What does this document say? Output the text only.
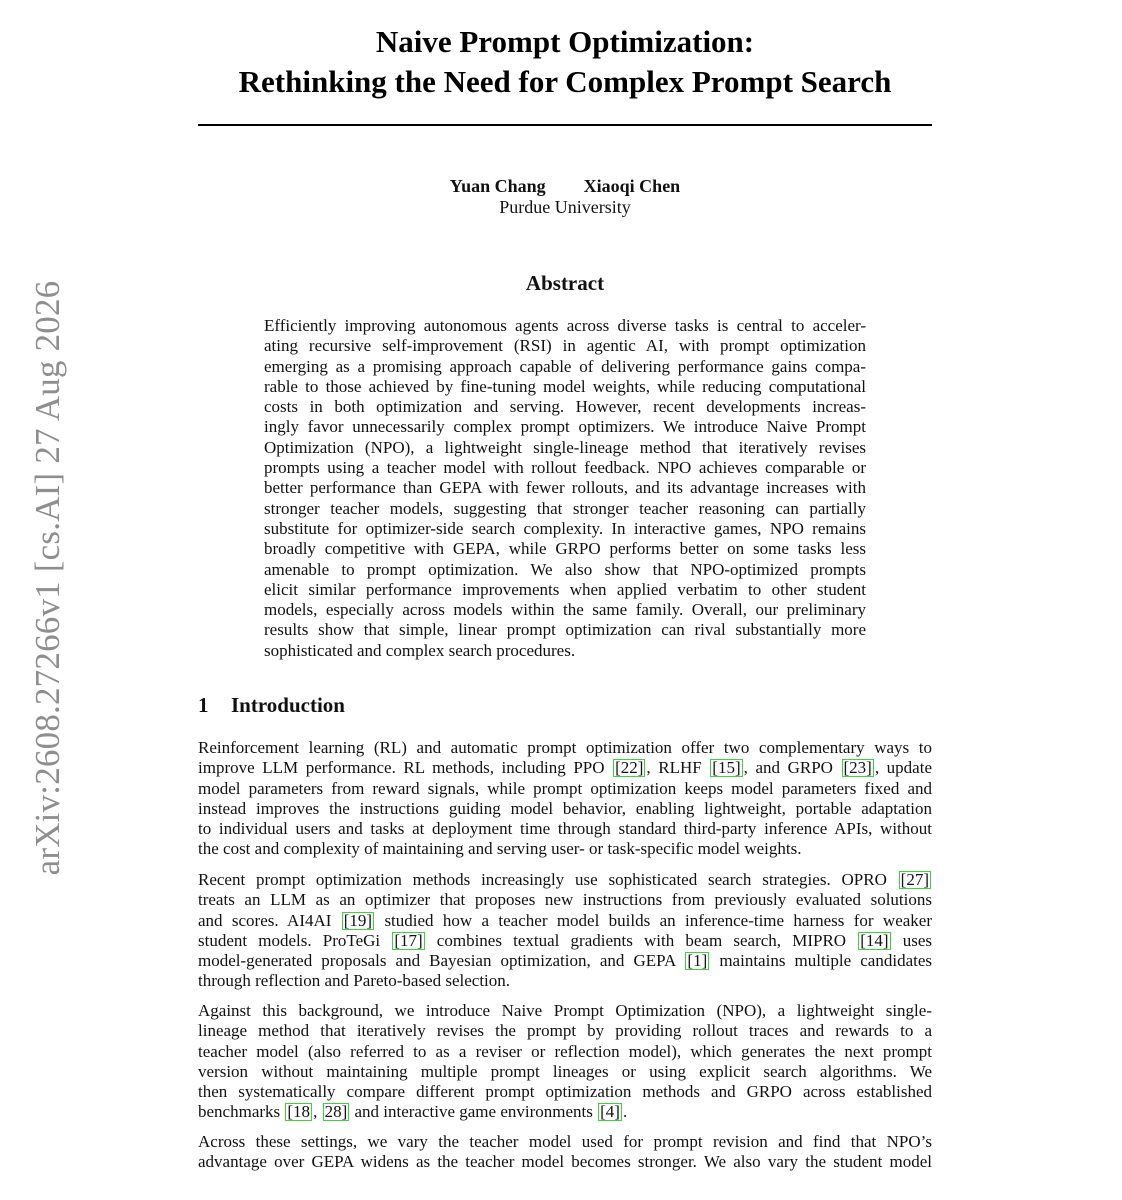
arXiv:2608.27266v1 [cs.AI] 27 Aug 2026

Naive Prompt Optimization:

Rethinking the Need for Complex Prompt Search

Yuan Chang Xiaoqi Chen
Purdue University
Abstract
Efficiently improving autonomous agents across diverse tasks is central to acceler-
ating recursive self-improvement (RSI) in agentic AI, with prompt optimization
emerging as a promising approach capable of delivering performance gains compa-
rable to those achieved by fine-tuning model weights, while reducing computational
costs in both optimization and serving. However, recent developments increas-
ingly favor unnecessarily complex prompt optimizers. We introduce Naive Prompt
Optimization (NPO), a lightweight single-lineage method that iteratively revises
prompts using a teacher model with rollout feedback. NPO achieves comparable or
better performance than GEPA with fewer rollouts, and its advantage increases with
stronger teacher models, suggesting that stronger teacher reasoning can partially
substitute for optimizer-side search complexity. In interactive games, NPO remains
broadly competitive with GEPA, while GRPO performs better on some tasks less
amenable to prompt optimization. We also show that NPO-optimized prompts
elicit similar performance improvements when applied verbatim to other student
models, especially across models within the same family. Overall, our preliminary
results show that simple, linear prompt optimization can rival substantially more
sophisticated and complex search procedures.
1 Introduction
Reinforcement learning (RL) and automatic prompt optimization offer two complementary ways to
improve LLM performance. RL methods, including PPO [22] , RLHF [15] , and GRPO [23] , update
model parameters from reward signals, while prompt optimization keeps model parameters fixed and
instead improves the instructions guiding model behavior, enabling lightweight, portable adaptation
to individual users and tasks at deployment time through standard third-party inference APIs, without
the cost and complexity of maintaining and serving user- or task-specific model weights.
Recent prompt optimization methods increasingly use sophisticated search strategies. OPRO [27]
treats an LLM as an optimizer that proposes new instructions from previously evaluated solutions
and scores. AI4AI [19] studied how a teacher model builds an inference-time harness for weaker
student models. ProTeGi [17] combines textual gradients with beam search, MIPRO [14] uses
model-generated proposals and Bayesian optimization, and GEPA [1] maintains multiple candidates
through reflection and Pareto-based selection.
Against this background, we introduce Naive Prompt Optimization (NPO), a lightweight single-
lineage method that iteratively revises the prompt by providing rollout traces and rewards to a
teacher model (also referred to as a reviser or reflection model), which generates the next prompt
version without maintaining multiple prompt lineages or using explicit search algorithms. We
then systematically compare different prompt optimization methods and GRPO across established
benchmarks [18 , 28] and interactive game environments [4] .
Across these settings, we vary the teacher model used for prompt revision and find that NPO’s
advantage over GEPA widens as the teacher model becomes stronger. We also vary the student model
